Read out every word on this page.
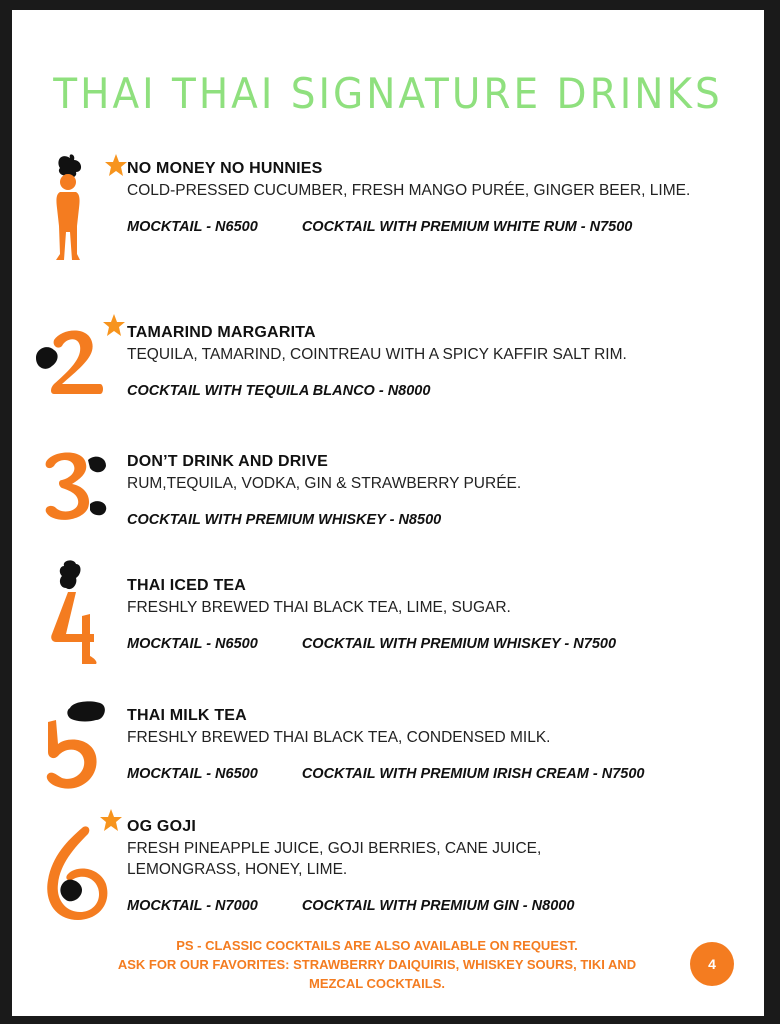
THAI THAI SIGNATURE DRINKS

NO MONEY NO HUNNIES

COLD-PRESSED CUCUMBER, FRESH MANGO PURÉE, GINGER BEER, LIME.

MOCKTAIL - N6500	COCKTAIL WITH PREMIUM WHITE RUM - N7500

TAMARIND MARGARITA

TEQUILA, TAMARIND, COINTREAU WITH A SPICY KAFFIR SALT RIM.

COCKTAIL WITH TEQUILA BLANCO - N8000

DON’T DRINK AND DRIVE

RUM,TEQUILA, VODKA, GIN & STRAWBERRY PURÉE.

COCKTAIL WITH PREMIUM WHISKEY - N8500

THAI ICED TEA

FRESHLY BREWED THAI BLACK TEA, LIME, SUGAR.

MOCKTAIL - N6500	COCKTAIL WITH PREMIUM WHISKEY - N7500

THAI MILK TEA

FRESHLY BREWED THAI BLACK TEA, CONDENSED MILK.

MOCKTAIL - N6500	COCKTAIL WITH PREMIUM IRISH CREAM - N7500

OG GOJI

FRESH PINEAPPLE JUICE, GOJI BERRIES, CANE JUICE, LEMONGRASS, HONEY, LIME.

MOCKTAIL - N7000	COCKTAIL WITH PREMIUM GIN - N8000
PS - CLASSIC COCKTAILS ARE ALSO AVAILABLE ON REQUEST.
ASK FOR OUR FAVORITES: STRAWBERRY DAIQUIRIS, WHISKEY SOURS, TIKI AND MEZCAL COCKTAILS.
4
